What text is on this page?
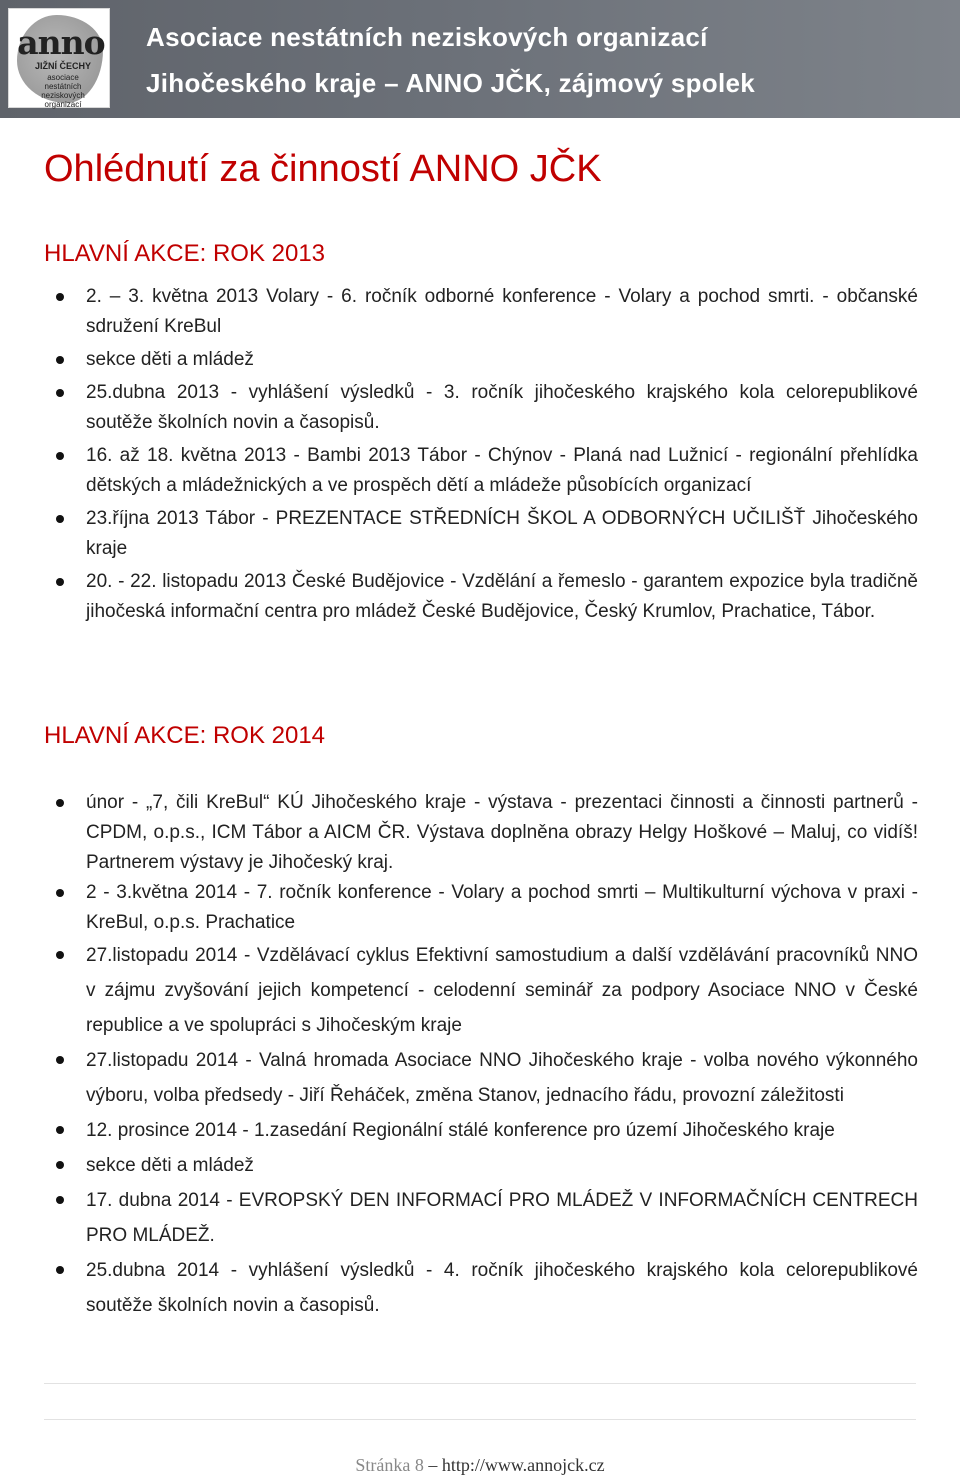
anno
JIŽNÍ ČECHY
asociace nestátních neziskových organizací
Asociace nestátních neziskových organizací
Jihočeského kraje – ANNO JČK, zájmový spolek
Ohlédnutí za činností ANNO JČK
HLAVNÍ AKCE: ROK 2013
2. – 3. května 2013 Volary - 6. ročník odborné konference - Volary a pochod smrti. - občanské sdružení KreBul
sekce děti a mládež
25.dubna 2013 - vyhlášení výsledků - 3. ročník jihočeského krajského kola celorepublikové soutěže školních novin a časopisů.
16. až 18. května 2013 - Bambi 2013 Tábor - Chýnov - Planá nad Lužnicí - regionální přehlídka dětských a mládežnických a ve prospěch dětí a mládeže působících organizací
23.října 2013 Tábor - PREZENTACE STŘEDNÍCH ŠKOL A ODBORNÝCH UČILIŠŤ Jihočeského kraje
20. - 22. listopadu 2013 České Budějovice - Vzdělání a řemeslo - garantem expozice byla tradičně jihočeská informační centra pro mládež České Budějovice, Český Krumlov, Prachatice, Tábor.
HLAVNÍ AKCE: ROK 2014
únor - „7, čili KreBul“ KÚ Jihočeského kraje - výstava - prezentaci činnosti a činnosti partnerů - CPDM, o.p.s., ICM Tábor a AICM ČR. Výstava doplněna obrazy Helgy Hoškové – Maluj, co vidíš! Partnerem výstavy je Jihočeský kraj.
2 - 3.května 2014 - 7. ročník konference - Volary a pochod smrti – Multikulturní výchova v praxi - KreBul, o.p.s. Prachatice
27.listopadu 2014 - Vzdělávací cyklus Efektivní samostudium a další vzdělávání pracovníků NNO v zájmu zvyšování jejich kompetencí - celodenní seminář za podpory Asociace NNO v České republice a ve spolupráci s Jihočeským kraje
27.listopadu 2014 - Valná hromada Asociace NNO Jihočeského kraje - volba nového výkonného výboru, volba předsedy - Jiří Řeháček, změna Stanov, jednacího řádu, provozní záležitosti
12. prosince 2014 - 1.zasedání Regionální stálé konference pro území Jihočeského kraje
sekce děti a mládež
17. dubna 2014 - EVROPSKÝ DEN INFORMACÍ PRO MLÁDEŽ V INFORMAČNÍCH CENTRECH PRO MLÁDEŽ.
25.dubna 2014 - vyhlášení výsledků - 4. ročník jihočeského krajského kola celorepublikové soutěže školních novin a časopisů.
Stránka 8 – http://www.annojck.cz
